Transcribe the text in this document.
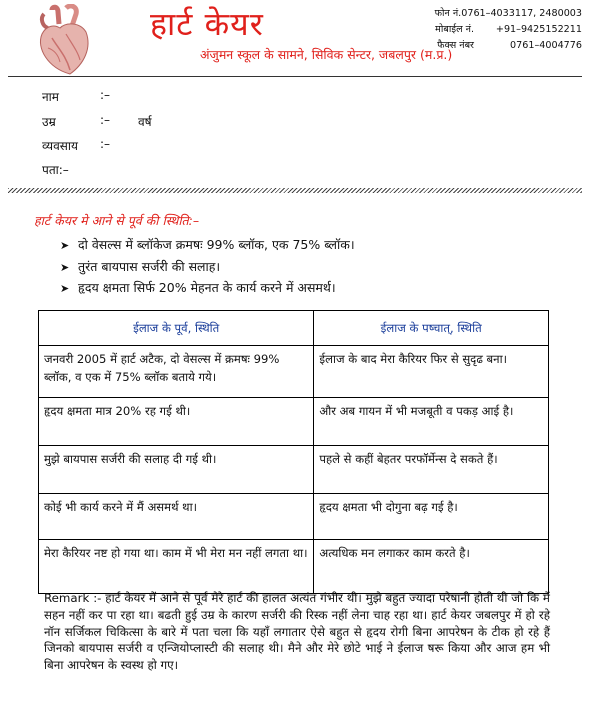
हार्ट केयर
अंजुमन स्कूल के सामने, सिविक सेन्टर, जबलपुर (म.प्र.)
फोन नं. 0761–4033117, 2480003
मोबाईल नं.	+91–9425152211
फैक्स नंबर	0761–4004776
नाम	:–
उम्र	:– वर्ष
व्यवसाय :–
पता:–
हार्ट केयर मे आने से पूर्व की स्थिति:–
➤ दो वेसल्स में ब्लॉकेज क्रमषः 99% ब्लॉक, एक 75% ब्लॉक।
➤ तुरंत बायपास सर्जरी की सलाह।
➤ हृदय क्षमता सिर्फ 20% मेहनत के कार्य करने में असमर्थ।
ईलाज के पूर्व, स्थिति	ईलाज के पष्चात्, स्थिति
जनवरी 2005 में हार्ट अटैक, दो वेसल्स में क्रमषः 99% ब्लॉक, व एक में 75% ब्लॉक बताये गये।	ईलाज के बाद मेरा कैरियर फिर से सुदृढ बना।
हृदय क्षमता मात्र 20% रह गई थी।	और अब गायन में भी मजबूती व पकड़ आई है।
मुझे बायपास सर्जरी की सलाह दी गई थी।	पहले से कहीं बेहतर परफॉर्मेन्स दे सकते हैं।
कोई भी कार्य करने में मैं असमर्थ था।	हृदय क्षमता भी दोगुना बढ़ गई है।
मेरा कैरियर नष्ट हो गया था। काम में भी मेरा मन नहीं लगता था।	अत्यधिक मन लगाकर काम करते है।
Remark :- हार्ट केयर में आने से पूर्व मेरे हार्ट की हालत अत्यंत गंभीर थी। मुझे बहुत ज्यादा परेषानी होती थी जो कि मैं सहन नहीं कर पा रहा था। बढती हुई उम्र के कारण सर्जरी की रिस्क नहीं लेना चाह रहा था। हार्ट केयर जबलपुर में हो रहे नॉन सर्जिकल चिकित्सा के बारे में पता चला कि यहाँ लगातार ऐसे बहुत से हृदय रोगी बिना आपरेषन के टीक हो रहे हैं जिनको बायपास सर्जरी व एन्जियोप्लास्टी की सलाह थी। मैने और मेरे छोटे भाई ने ईलाज षरू किया और आज हम भी बिना आपरेषन के स्वस्थ हो गए।
